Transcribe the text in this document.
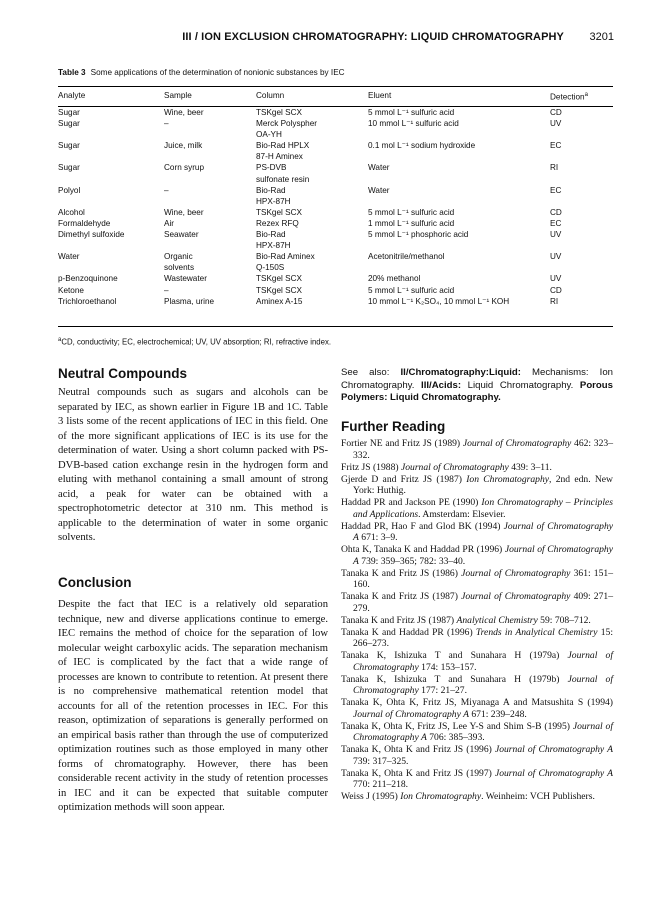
III / ION EXCLUSION CHROMATOGRAPHY: LIQUID CHROMATOGRAPHY 3201
Table 3 Some applications of the determination of nonionic substances by IEC
Analyte	Sample	Column	Eluent	Detection$^a$
Sugar	Wine, beer	TSKgel SCX	5 mmol L⁻¹ sulfuric acid	CD
Sugar	–	Merck Polyspher	10 mmol L⁻¹ sulfuric acid	UV
		OA-YH		
Sugar	Juice, milk	Bio-Rad HPLX	0.1 mol L⁻¹ sodium hydroxide	EC
		87-H Aminex		
Sugar	Corn syrup	PS-DVB	Water	RI
		sulfonate resin		
Polyol	–	Bio-Rad	Water	EC
		HPX-87H		
Alcohol	Wine, beer	TSKgel SCX	5 mmol L⁻¹ sulfuric acid	CD
Formaldehyde	Air	Rezex RFQ	1 mmol L⁻¹ sulfuric acid	EC
Dimethyl sulfoxide	Seawater	Bio-Rad	5 mmol L⁻¹ phosphoric acid	UV
		HPX-87H		
Water	Organic	Bio-Rad Aminex	Acetonitrile/methanol	UV
	solvents	Q-150S		
p-Benzoquinone	Wastewater	TSKgel SCX	20% methanol	UV
Ketone	–	TSKgel SCX	5 mmol L⁻¹ sulfuric acid	CD
Trichloroethanol	Plasma, urine	Aminex A-15	10 mmol L⁻¹ K₂SO₄, 10 mmol L⁻¹ KOH	RI
$^a$CD, conductivity; EC, electrochemical; UV, UV absorption; RI, refractive index.
Neutral Compounds
Neutral compounds such as sugars and alcohols can be separated by IEC, as shown earlier in Figure 1B and 1C. Table 3 lists some of the recent applications of IEC in this field. One of the more significant applications of IEC is its use for the determination of water. Using a short column packed with PS-DVB-based cation exchange resin in the hydrogen form and eluting with methanol containing a small amount of strong acid, a peak for water can be obtained with a spectrophotometric detector at 310 nm. This method is applicable to the determination of water in some organic solvents.
Conclusion
Despite the fact that IEC is a relatively old separation technique, new and diverse applications continue to emerge. IEC remains the method of choice for the separation of low molecular weight carboxylic acids. The separation mechanism of IEC is complicated by the fact that a wide range of processes are known to contribute to retention. At present there is no comprehensive mathematical retention model that accounts for all of the retention processes in IEC. For this reason, optimization of separations is generally performed on an empirical basis rather than through the use of computerized optimization routines such as those employed in many other forms of chromatography. However, there has been considerable recent activity in the study of retention processes in IEC and it can be expected that suitable computer optimization methods will soon appear.
See also: II/Chromatography:Liquid: Mechanisms: Ion Chromatography. III/Acids: Liquid Chromatography. Porous Polymers: Liquid Chromatography.
Further Reading
Fortier NE and Fritz JS (1989) Journal of Chromatography 462: 323–332.
Fritz JS (1988) Journal of Chromatography 439: 3–11.
Gjerde D and Fritz JS (1987) Ion Chromatography, 2nd edn. New York: Huthig.
Haddad PR and Jackson PE (1990) Ion Chromatography – Principles and Applications. Amsterdam: Elsevier.
Haddad PR, Hao F and Glod BK (1994) Journal of Chromatography A 671: 3–9.
Ohta K, Tanaka K and Haddad PR (1996) Journal of Chromatography A 739: 359–365; 782: 33–40.
Tanaka K and Fritz JS (1986) Journal of Chromatography 361: 151–160.
Tanaka K and Fritz JS (1987) Journal of Chromatography 409: 271–279.
Tanaka K and Fritz JS (1987) Analytical Chemistry 59: 708–712.
Tanaka K and Haddad PR (1996) Trends in Analytical Chemistry 15: 266–273.
Tanaka K, Ishizuka T and Sunahara H (1979a) Journal of Chromatography 174: 153–157.
Tanaka K, Ishizuka T and Sunahara H (1979b) Journal of Chromatography 177: 21–27.
Tanaka K, Ohta K, Fritz JS, Miyanaga A and Matsushita S (1994) Journal of Chromatography A 671: 239–248.
Tanaka K, Ohta K, Fritz JS, Lee Y-S and Shim S-B (1995) Journal of Chromatography A 706: 385–393.
Tanaka K, Ohta K and Fritz JS (1996) Journal of Chromatography A 739: 317–325.
Tanaka K, Ohta K and Fritz JS (1997) Journal of Chromatography A 770: 211–218.
Weiss J (1995) Ion Chromatography. Weinheim: VCH Publishers.
